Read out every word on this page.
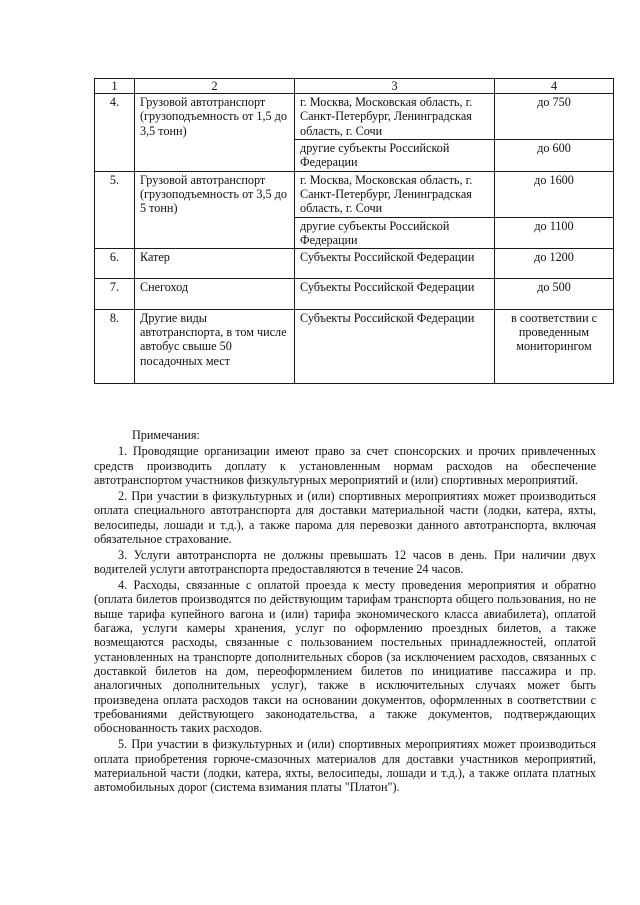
1	2	3	4
4.	Грузовой автотранспорт (грузоподъемность от 1,5 до 3,5 тонн)	г. Москва, Московская область, г. Санкт-Петербург, Ленинградская область, г. Сочи	до 750
		другие субъекты Российской Федерации	до 600
5.	Грузовой автотранспорт (грузоподъемность от 3,5 до 5 тонн)	г. Москва, Московская область, г. Санкт-Петербург, Ленинградская область, г. Сочи	до 1600
		другие субъекты Российской Федерации	до 1100
6.	Катер	Субъекты Российской Федерации	до 1200
7.	Снегоход	Субъекты Российской Федерации	до 500
8.	Другие виды автотранспорта, в том числе автобус свыше 50 посадочных мест	Субъекты Российской Федерации	в соответствии с проведенным мониторингом
Примечания:

1. Проводящие организации имеют право за счет спонсорских и прочих привлеченных средств производить доплату к установленным нормам расходов на обеспечение автотранспортом участников физкультурных мероприятий и (или) спортивных мероприятий.

2. При участии в физкультурных и (или) спортивных мероприятиях может производиться оплата специального автотранспорта для доставки материальной части (лодки, катера, яхты, велосипеды, лошади и т.д.), а также парома для перевозки данного автотранспорта, включая обязательное страхование.

3. Услуги автотранспорта не должны превышать 12 часов в день. При наличии двух водителей услуги автотранспорта предоставляются в течение 24 часов.

4. Расходы, связанные с оплатой проезда к месту проведения мероприятия и обратно (оплата билетов производятся по действующим тарифам транспорта общего пользования, но не выше тарифа купейного вагона и (или) тарифа экономического класса авиабилета), оплатой багажа, услуги камеры хранения, услуг по оформлению проездных билетов, а также возмещаются расходы, связанные с пользованием постельных принадлежностей, оплатой установленных на транспорте дополнительных сборов (за исключением расходов, связанных с доставкой билетов на дом, переоформлением билетов по инициативе пассажира и пр. аналогичных дополнительных услуг), также в исключительных случаях может быть произведена оплата расходов такси на основании документов, оформленных в соответствии с требованиями действующего законодательства, а также документов, подтверждающих обоснованность таких расходов.

5. При участии в физкультурных и (или) спортивных мероприятиях может производиться оплата приобретения горюче-смазочных материалов для доставки участников мероприятий, материальной части (лодки, катера, яхты, велосипеды, лошади и т.д.), а также оплата платных автомобильных дорог (система взимания платы "Платон").
